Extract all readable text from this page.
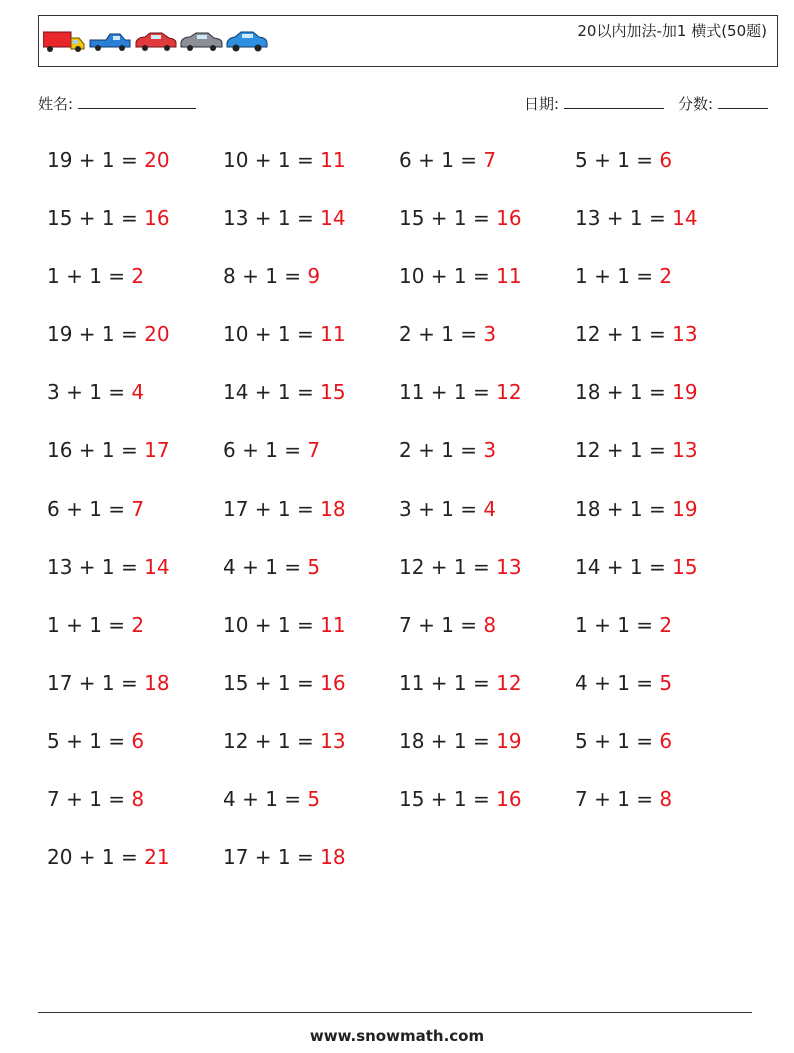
20以内加法-加1 横式(50题)
姓名:	日期:	分数:
19 + 1 = 20	10 + 1 = 11	6 + 1 = 7	5 + 1 = 6
15 + 1 = 16	13 + 1 = 14	15 + 1 = 16	13 + 1 = 14
1 + 1 = 2	8 + 1 = 9	10 + 1 = 11	1 + 1 = 2
19 + 1 = 20	10 + 1 = 11	2 + 1 = 3	12 + 1 = 13
3 + 1 = 4	14 + 1 = 15	11 + 1 = 12	18 + 1 = 19
16 + 1 = 17	6 + 1 = 7	2 + 1 = 3	12 + 1 = 13
6 + 1 = 7	17 + 1 = 18	3 + 1 = 4	18 + 1 = 19
13 + 1 = 14	4 + 1 = 5	12 + 1 = 13	14 + 1 = 15
1 + 1 = 2	10 + 1 = 11	7 + 1 = 8	1 + 1 = 2
17 + 1 = 18	15 + 1 = 16	11 + 1 = 12	4 + 1 = 5
5 + 1 = 6	12 + 1 = 13	18 + 1 = 19	5 + 1 = 6
7 + 1 = 8	4 + 1 = 5	15 + 1 = 16	7 + 1 = 8
20 + 1 = 21	17 + 1 = 18
www.snowmath.com
